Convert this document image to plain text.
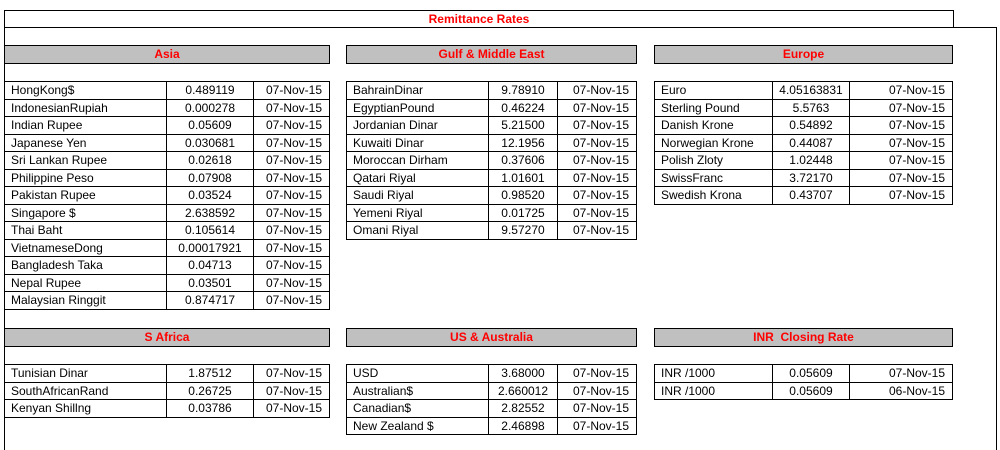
Remittance Rates
Asia
HongKong$	0.489119	07-Nov-15
IndonesianRupiah	0.000278	07-Nov-15
Indian Rupee	0.05609	07-Nov-15
Japanese Yen	0.030681	07-Nov-15
Sri Lankan Rupee	0.02618	07-Nov-15
Philippine Peso	0.07908	07-Nov-15
Pakistan Rupee	0.03524	07-Nov-15
Singapore $	2.638592	07-Nov-15
Thai Baht	0.105614	07-Nov-15
VietnameseDong	0.00017921	07-Nov-15
Bangladesh Taka	0.04713	07-Nov-15
Nepal Rupee	0.03501	07-Nov-15
Malaysian Ringgit	0.874717	07-Nov-15
Gulf & Middle East
BahrainDinar	9.78910	07-Nov-15
EgyptianPound	0.46224	07-Nov-15
Jordanian Dinar	5.21500	07-Nov-15
Kuwaiti Dinar	12.1956	07-Nov-15
Moroccan Dirham	0.37606	07-Nov-15
Qatari Riyal	1.01601	07-Nov-15
Saudi Riyal	0.98520	07-Nov-15
Yemeni Riyal	0.01725	07-Nov-15
Omani Riyal	9.57270	07-Nov-15
Europe
Euro	4.05163831	07-Nov-15
Sterling Pound	5.5763	07-Nov-15
Danish Krone	0.54892	07-Nov-15
Norwegian Krone	0.44087	07-Nov-15
Polish Zloty	1.02448	07-Nov-15
SwissFranc	3.72170	07-Nov-15
Swedish Krona	0.43707	07-Nov-15
S Africa
Tunisian Dinar	1.87512	07-Nov-15
SouthAfricanRand	0.26725	07-Nov-15
Kenyan Shillng	0.03786	07-Nov-15
US & Australia
USD	3.68000	07-Nov-15
Australian$	2.660012	07-Nov-15
Canadian$	2.82552	07-Nov-15
New Zealand $	2.46898	07-Nov-15
INR  Closing Rate
INR /1000	0.05609	07-Nov-15
INR /1000	0.05609	06-Nov-15
